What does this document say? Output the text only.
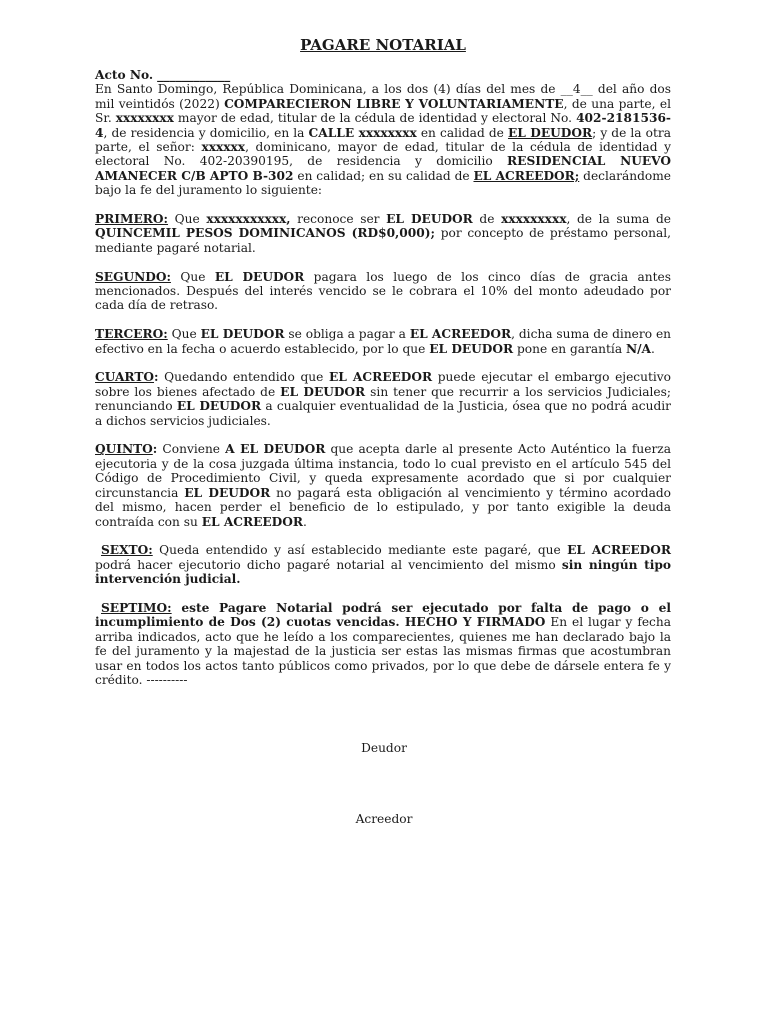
PAGARE NOTARIAL

Acto No. ____________

En Santo Domingo, República Dominicana, a los dos (4) días del mes de __4__ del año dos mil veintidós (2022) COMPARECIERON LIBRE Y VOLUNTARIAMENTE, de una parte, el Sr. xxxxxxxx mayor de edad, titular de la cédula de identidad y electoral No. 402-2181536-4, de residencia y domicilio, en la CALLE xxxxxxxx en calidad de EL DEUDOR; y de la otra parte, el señor: xxxxxx, dominicano, mayor de edad, titular de la cédula de identidad y electoral No. 402-20390195, de residencia y domicilio RESIDENCIAL NUEVO AMANECER C/B APTO B-302 en calidad; en su calidad de EL ACREEDOR; declarándome bajo la fe del juramento lo siguiente:

PRIMERO: Que xxxxxxxxxxx, reconoce ser EL DEUDOR de xxxxxxxxx, de la suma de QUINCEMIL PESOS DOMINICANOS (RD$0,000); por concepto de préstamo personal, mediante pagaré notarial.

SEGUNDO: Que EL DEUDOR pagara los luego de los cinco días de gracia antes mencionados. Después del interés vencido se le cobrara el 10% del monto adeudado por cada día de retraso.

TERCERO: Que EL DEUDOR se obliga a pagar a EL ACREEDOR, dicha suma de dinero en efectivo en la fecha o acuerdo establecido, por lo que EL DEUDOR pone en garantía N/A.

CUARTO: Quedando entendido que EL ACREEDOR puede ejecutar el embargo ejecutivo sobre los bienes afectado de EL DEUDOR sin tener que recurrir a los servicios Judiciales; renunciando EL DEUDOR a cualquier eventualidad de la Justicia, ósea que no podrá acudir a dichos servicios judiciales.

QUINTO: Conviene A EL DEUDOR que acepta darle al presente Acto Auténtico la fuerza ejecutoria y de la cosa juzgada última instancia, todo lo cual previsto en el artículo 545 del Código de Procedimiento Civil, y queda expresamente acordado que si por cualquier circunstancia EL DEUDOR no pagará esta obligación al vencimiento y término acordado del mismo, hacen perder el beneficio de lo estipulado, y por tanto exigible la deuda contraída con su EL ACREEDOR.

SEXTO: Queda entendido y así establecido mediante este pagaré, que EL ACREEDOR podrá hacer ejecutorio dicho pagaré notarial al vencimiento del mismo sin ningún tipo intervención judicial.

SEPTIMO: este Pagare Notarial podrá ser ejecutado por falta de pago o el incumplimiento de Dos (2) cuotas vencidas. HECHO Y FIRMADO En el lugar y fecha arriba indicados, acto que he leído a los comparecientes, quienes me han declarado bajo la fe del juramento y la majestad de la justicia ser estas las mismas firmas que acostumbran usar en todos los actos tanto públicos como privados, por lo que debe de dársele entera fe y crédito. ----------

Deudor
Acreedor
